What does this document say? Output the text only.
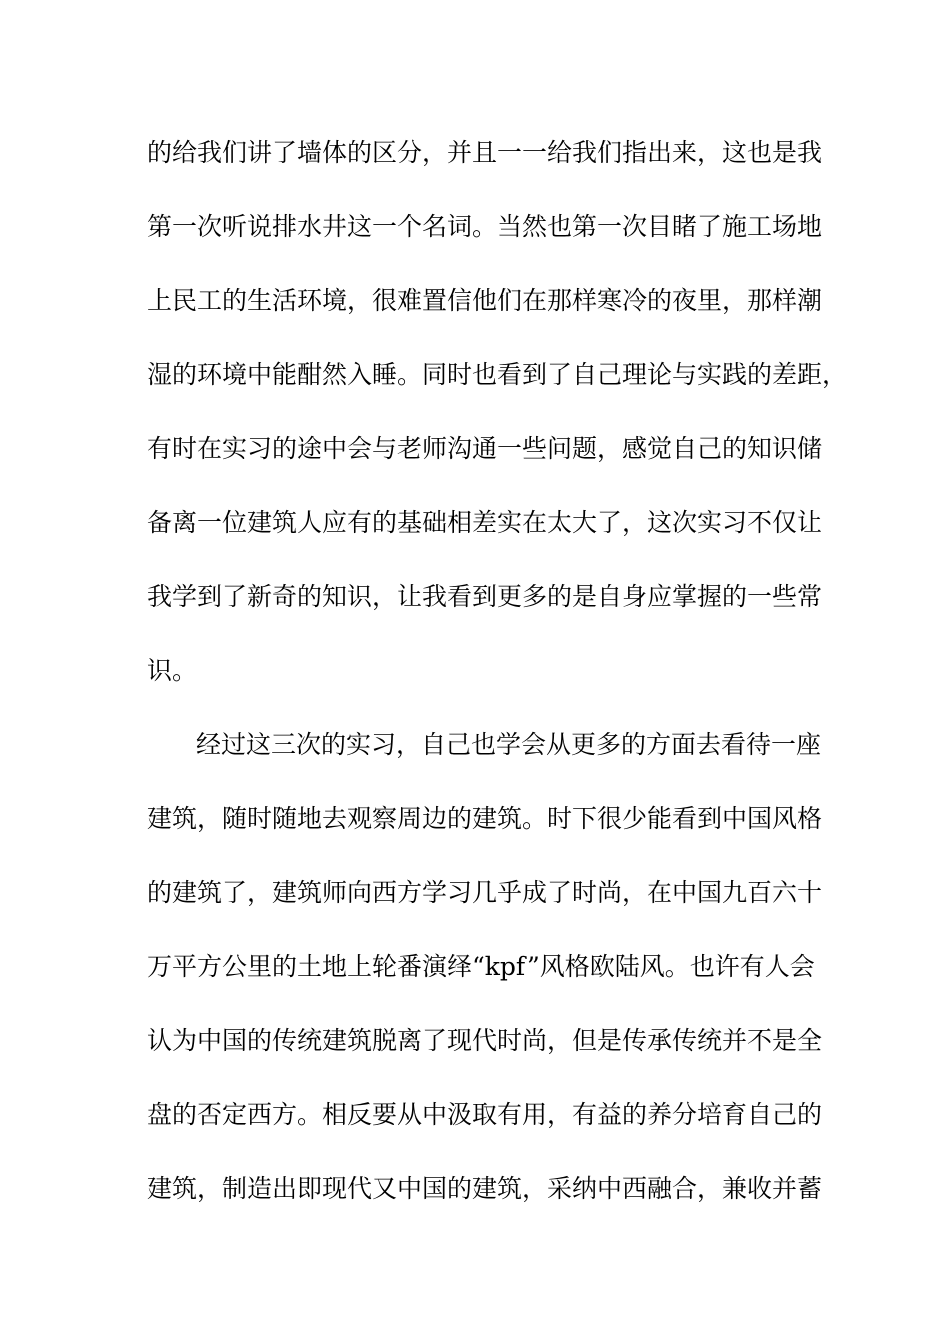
的给我们讲了墙体的区分，并且一一给我们指出来，这也是我
第一次听说排水井这一个名词。当然也第一次目睹了施工场地
上民工的生活环境，很难置信他们在那样寒冷的夜里，那样潮
湿的环境中能酣然入睡。同时也看到了自己理论与实践的差距，
有时在实习的途中会与老师沟通一些问题，感觉自己的知识储
备离一位建筑人应有的基础相差实在太大了，这次实习不仅让
我学到了新奇的知识，让我看到更多的是自身应掌握的一些常
识。
经过这三次的实习，自己也学会从更多的方面去看待一座
建筑，随时随地去观察周边的建筑。时下很少能看到中国风格
的建筑了，建筑师向西方学习几乎成了时尚，在中国九百六十
万平方公里的土地上轮番演绎“kpf”风格欧陆风。也许有人会
认为中国的传统建筑脱离了现代时尚，但是传承传统并不是全
盘的否定西方。相反要从中汲取有用，有益的养分培育自己的
建筑，制造出即现代又中国的建筑，采纳中西融合，兼收并蓄
